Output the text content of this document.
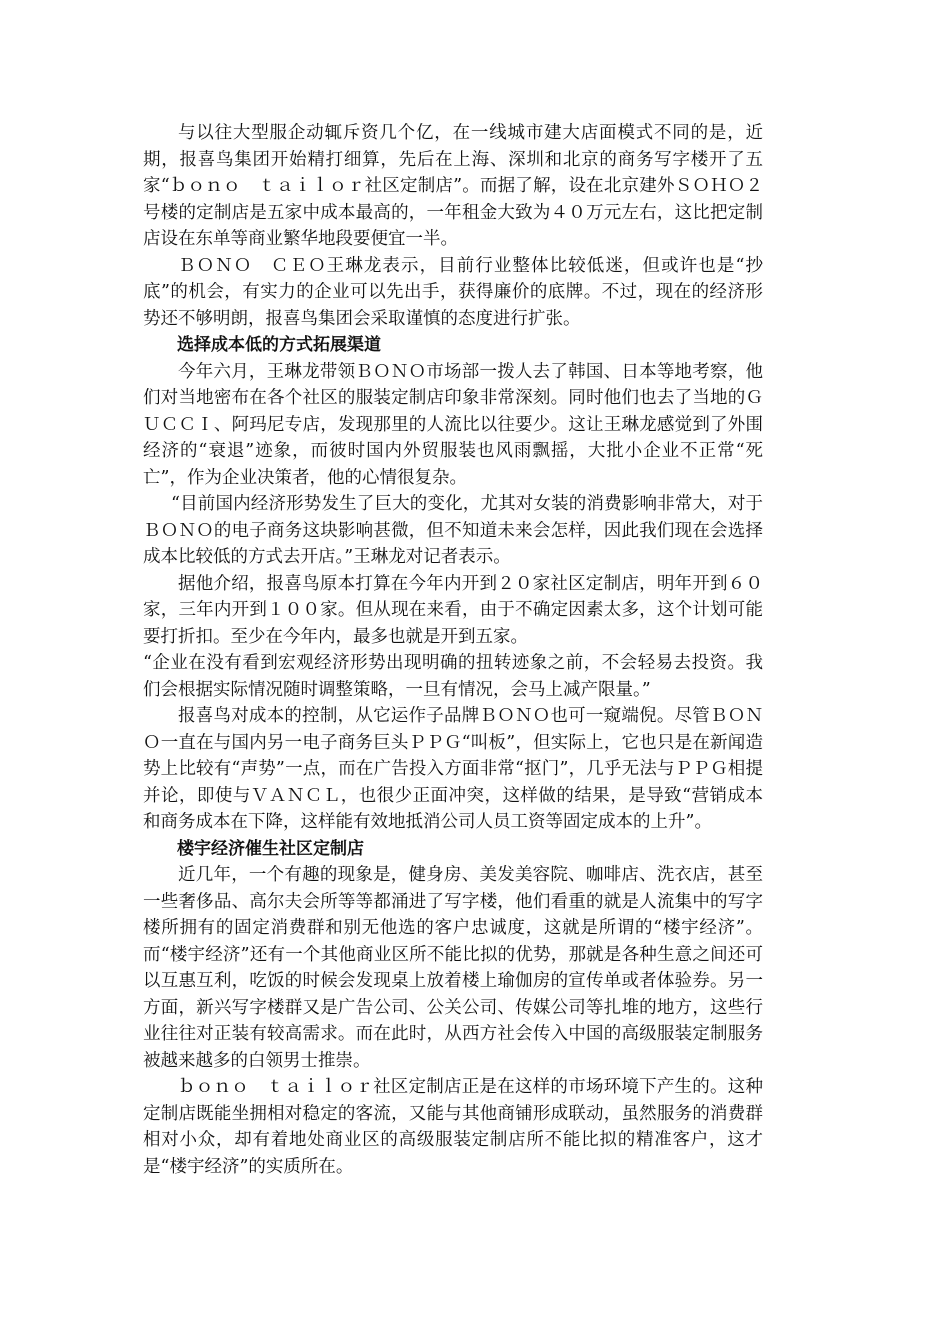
与以往大型服企动辄斥资几个亿，在一线城市建大店面模式不同的是，近期，报喜鸟集团开始精打细算，先后在上海、深圳和北京的商务写字楼开了五家“ｂｏｎｏ　ｔａｉｌｏｒ社区定制店”。而据了解，设在北京建外ＳＯＨＯ２号楼的定制店是五家中成本最高的，一年租金大致为４０万元左右，这比把定制店设在东单等商业繁华地段要便宜一半。

ＢＯＮＯ　ＣＥＯ王琳龙表示，目前行业整体比较低迷，但或许也是“抄底”的机会，有实力的企业可以先出手，获得廉价的底牌。不过，现在的经济形势还不够明朗，报喜鸟集团会采取谨慎的态度进行扩张。

选择成本低的方式拓展渠道

今年六月，王琳龙带领ＢＯＮＯ市场部一拨人去了韩国、日本等地考察，他们对当地密布在各个社区的服装定制店印象非常深刻。同时他们也去了当地的ＧＵＣＣＩ、阿玛尼专店，发现那里的人流比以往要少。这让王琳龙感觉到了外围经济的“衰退”迹象，而彼时国内外贸服装也风雨飘摇，大批小企业不正常“死亡”，作为企业决策者，他的心情很复杂。

“目前国内经济形势发生了巨大的变化，尤其对女装的消费影响非常大，对于ＢＯＮＯ的电子商务这块影响甚微，但不知道未来会怎样，因此我们现在会选择成本比较低的方式去开店。”王琳龙对记者表示。

据他介绍，报喜鸟原本打算在今年内开到２０家社区定制店，明年开到６０家，三年内开到１００家。但从现在来看，由于不确定因素太多，这个计划可能要打折扣。至少在今年内，最多也就是开到五家。

“企业在没有看到宏观经济形势出现明确的扭转迹象之前，不会轻易去投资。我们会根据实际情况随时调整策略，一旦有情况，会马上减产限量。”

报喜鸟对成本的控制，从它运作子品牌ＢＯＮＯ也可一窥端倪。尽管ＢＯＮＯ一直在与国内另一电子商务巨头ＰＰＧ“叫板”，但实际上，它也只是在新闻造势上比较有“声势”一点，而在广告投入方面非常“抠门”，几乎无法与ＰＰＧ相提并论，即使与ＶＡＮＣＬ，也很少正面冲突，这样做的结果，是导致“营销成本和商务成本在下降，这样能有效地抵消公司人员工资等固定成本的上升”。

楼宇经济催生社区定制店

近几年，一个有趣的现象是，健身房、美发美容院、咖啡店、洗衣店，甚至一些奢侈品、高尔夫会所等等都涌进了写字楼，他们看重的就是人流集中的写字楼所拥有的固定消费群和别无他选的客户忠诚度，这就是所谓的“楼宇经济”。而“楼宇经济”还有一个其他商业区所不能比拟的优势，那就是各种生意之间还可以互惠互利，吃饭的时候会发现桌上放着楼上瑜伽房的宣传单或者体验券。另一方面，新兴写字楼群又是广告公司、公关公司、传媒公司等扎堆的地方，这些行业往往对正装有较高需求。而在此时，从西方社会传入中国的高级服装定制服务被越来越多的白领男士推崇。

ｂｏｎｏ　ｔａｉｌｏｒ社区定制店正是在这样的市场环境下产生的。这种定制店既能坐拥相对稳定的客流，又能与其他商铺形成联动，虽然服务的消费群相对小众，却有着地处商业区的高级服装定制店所不能比拟的精准客户，这才是“楼宇经济”的实质所在。
